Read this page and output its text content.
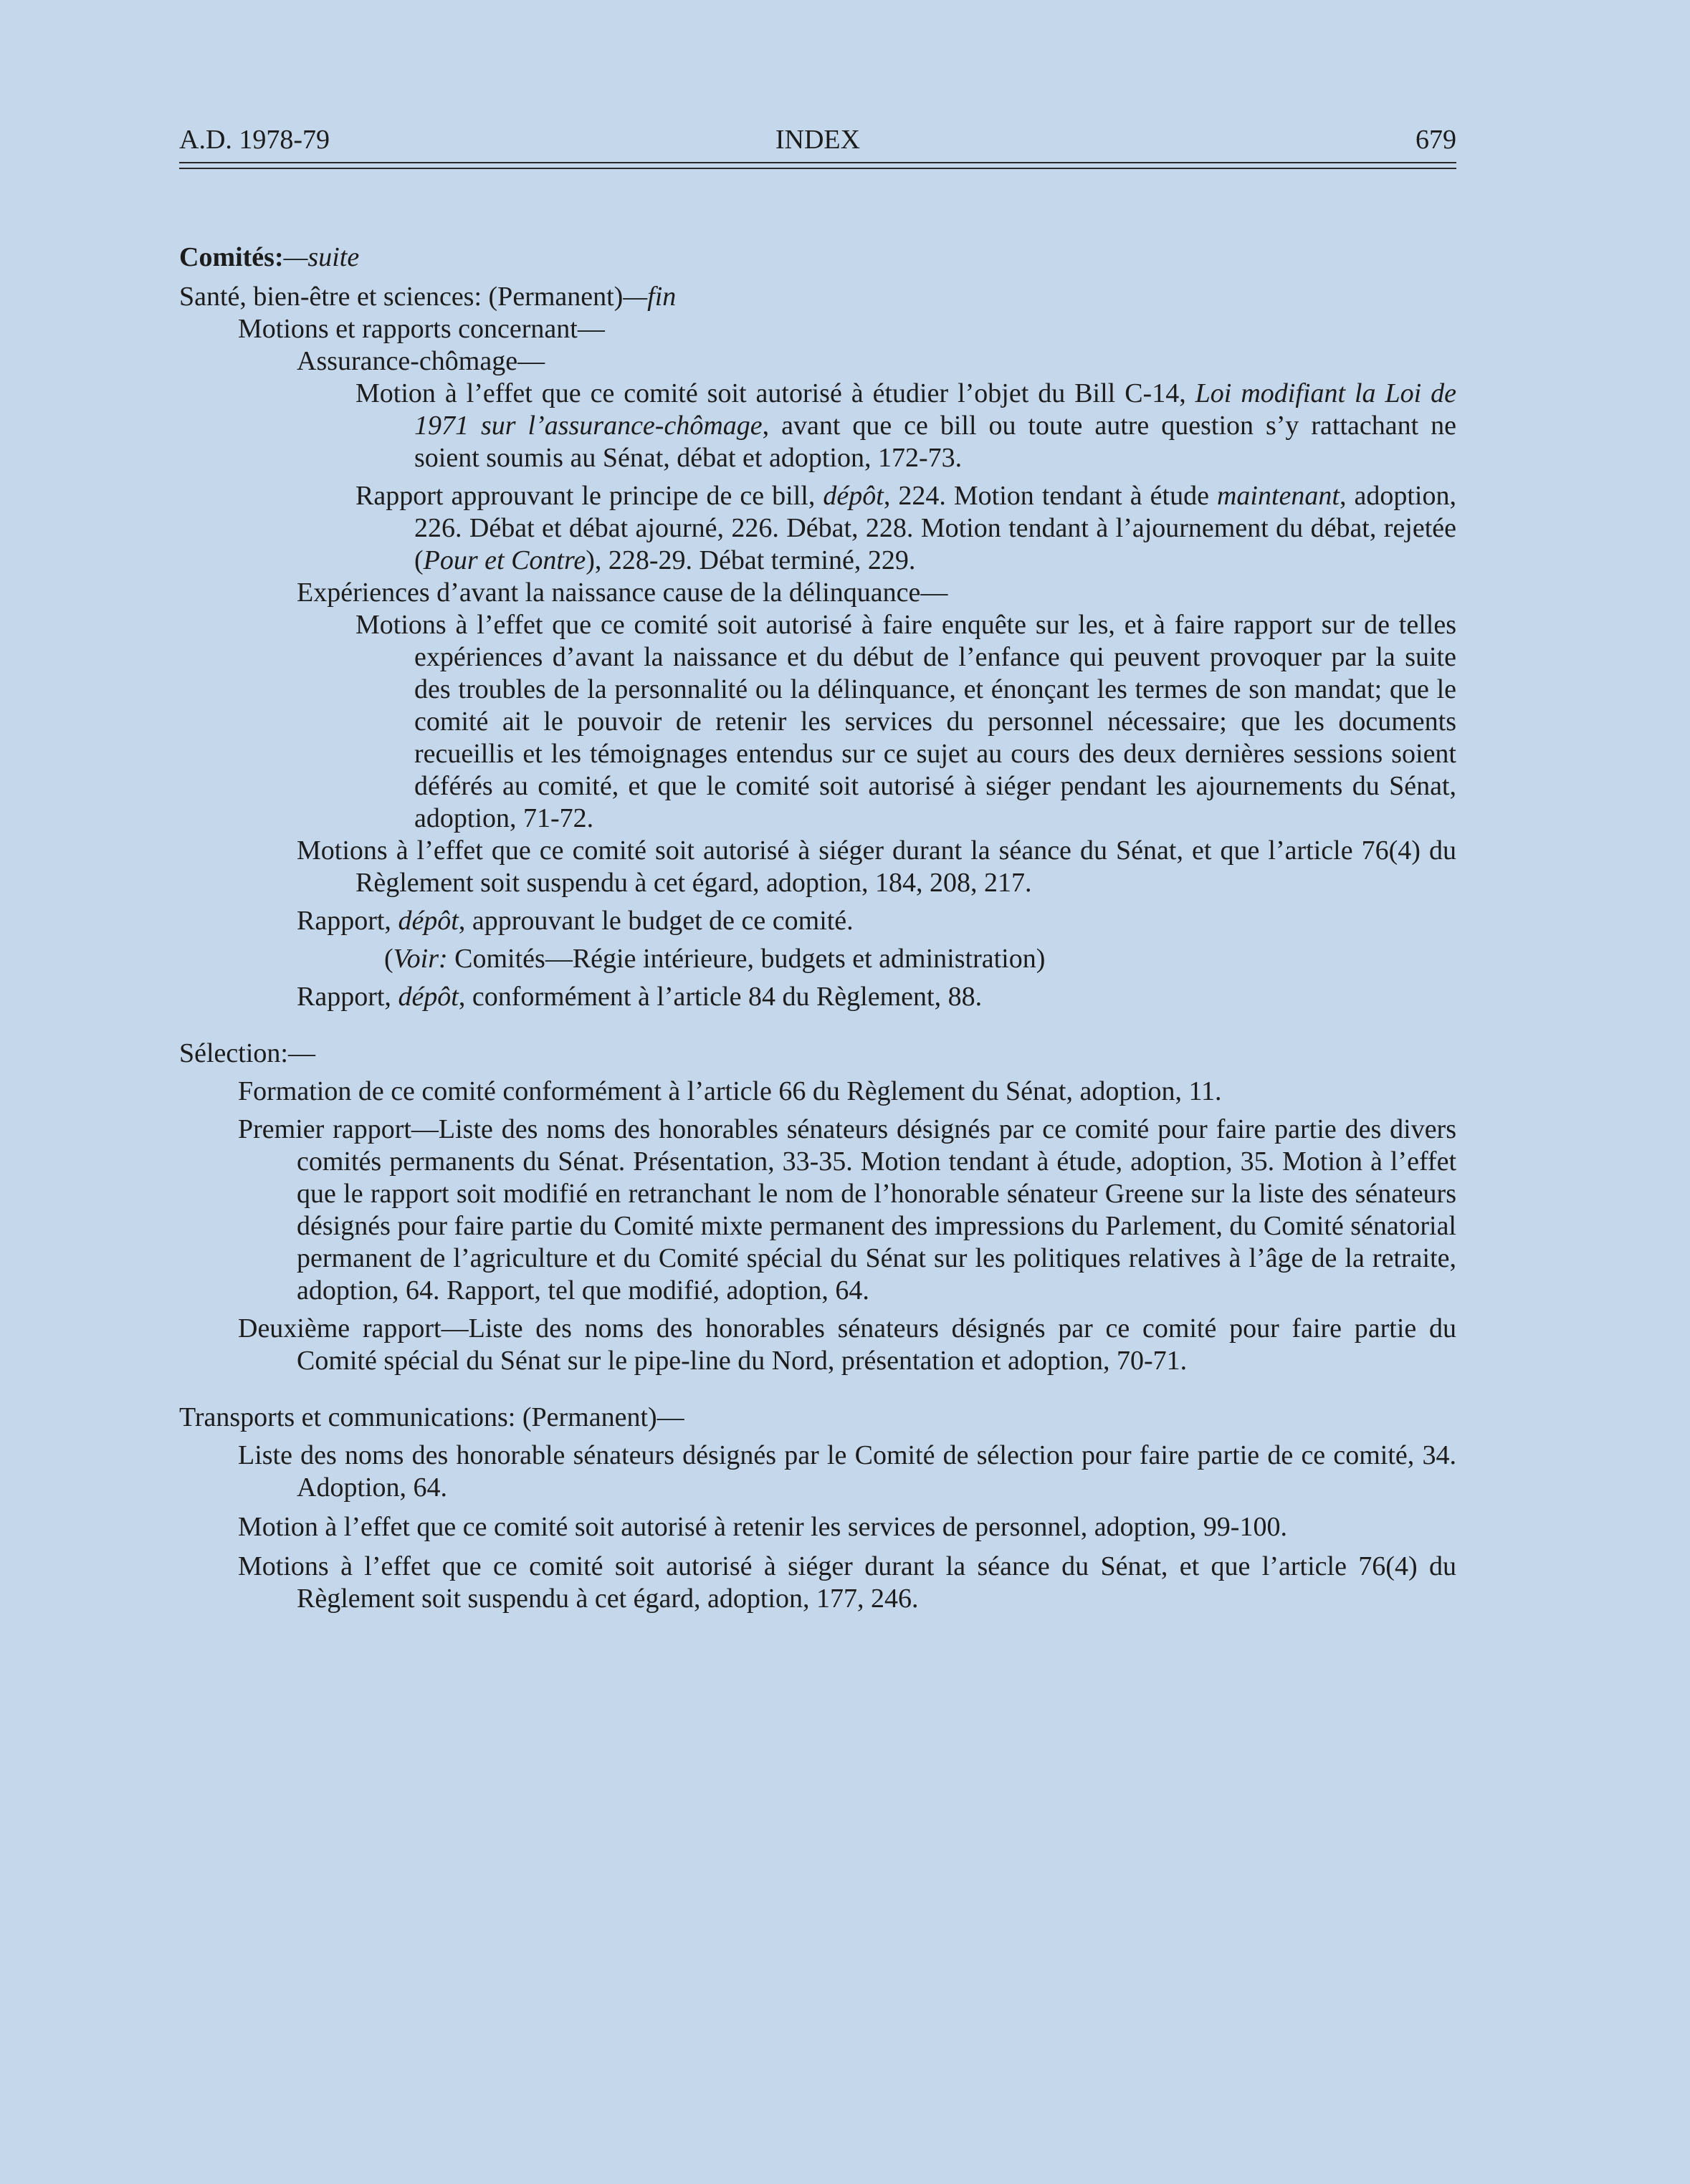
A.D. 1978-79	INDEX	679
Comités:—suite
Santé, bien-être et sciences: (Permanent)—fin
Motions et rapports concernant—
Assurance-chômage—
Motion à l’effet que ce comité soit autorisé à étudier l’objet du Bill C-14, Loi modifiant la Loi de 1971 sur l’assurance-chômage, avant que ce bill ou toute autre question s’y rattachant ne soient soumis au Sénat, débat et adoption, 172-73.
Rapport approuvant le principe de ce bill, dépôt, 224. Motion tendant à étude maintenant, adoption, 226. Débat et débat ajourné, 226. Débat, 228. Motion tendant à l’ajournement du débat, rejetée (Pour et Contre), 228-29. Débat terminé, 229.
Expériences d’avant la naissance cause de la délinquance—
Motions à l’effet que ce comité soit autorisé à faire enquête sur les, et à faire rapport sur de telles expériences d’avant la naissance et du début de l’enfance qui peuvent provoquer par la suite des troubles de la personnalité ou la délinquance, et énonçant les termes de son mandat; que le comité ait le pouvoir de retenir les services du personnel nécessaire; que les documents recueillis et les témoignages entendus sur ce sujet au cours des deux dernières sessions soient déférés au comité, et que le comité soit autorisé à siéger pendant les ajournements du Sénat, adoption, 71-72.
Motions à l’effet que ce comité soit autorisé à siéger durant la séance du Sénat, et que l’article 76(4) du Règlement soit suspendu à cet égard, adoption, 184, 208, 217.
Rapport, dépôt, approuvant le budget de ce comité.
(Voir: Comités—Régie intérieure, budgets et administration)
Rapport, dépôt, conformément à l’article 84 du Règlement, 88.
Sélection:—
Formation de ce comité conformément à l’article 66 du Règlement du Sénat, adoption, 11.
Premier rapport—Liste des noms des honorables sénateurs désignés par ce comité pour faire partie des divers comités permanents du Sénat. Présentation, 33-35. Motion tendant à étude, adoption, 35. Motion à l’effet que le rapport soit modifié en retranchant le nom de l’honorable sénateur Greene sur la liste des sénateurs désignés pour faire partie du Comité mixte permanent des impressions du Parlement, du Comité sénatorial permanent de l’agriculture et du Comité spécial du Sénat sur les politiques relatives à l’âge de la retraite, adoption, 64. Rapport, tel que modifié, adoption, 64.
Deuxième rapport—Liste des noms des honorables sénateurs désignés par ce comité pour faire partie du Comité spécial du Sénat sur le pipe-line du Nord, présentation et adoption, 70-71.
Transports et communications: (Permanent)—
Liste des noms des honorable sénateurs désignés par le Comité de sélection pour faire partie de ce comité, 34. Adoption, 64.
Motion à l’effet que ce comité soit autorisé à retenir les services de personnel, adoption, 99-100.
Motions à l’effet que ce comité soit autorisé à siéger durant la séance du Sénat, et que l’article 76(4) du Règlement soit suspendu à cet égard, adoption, 177, 246.
